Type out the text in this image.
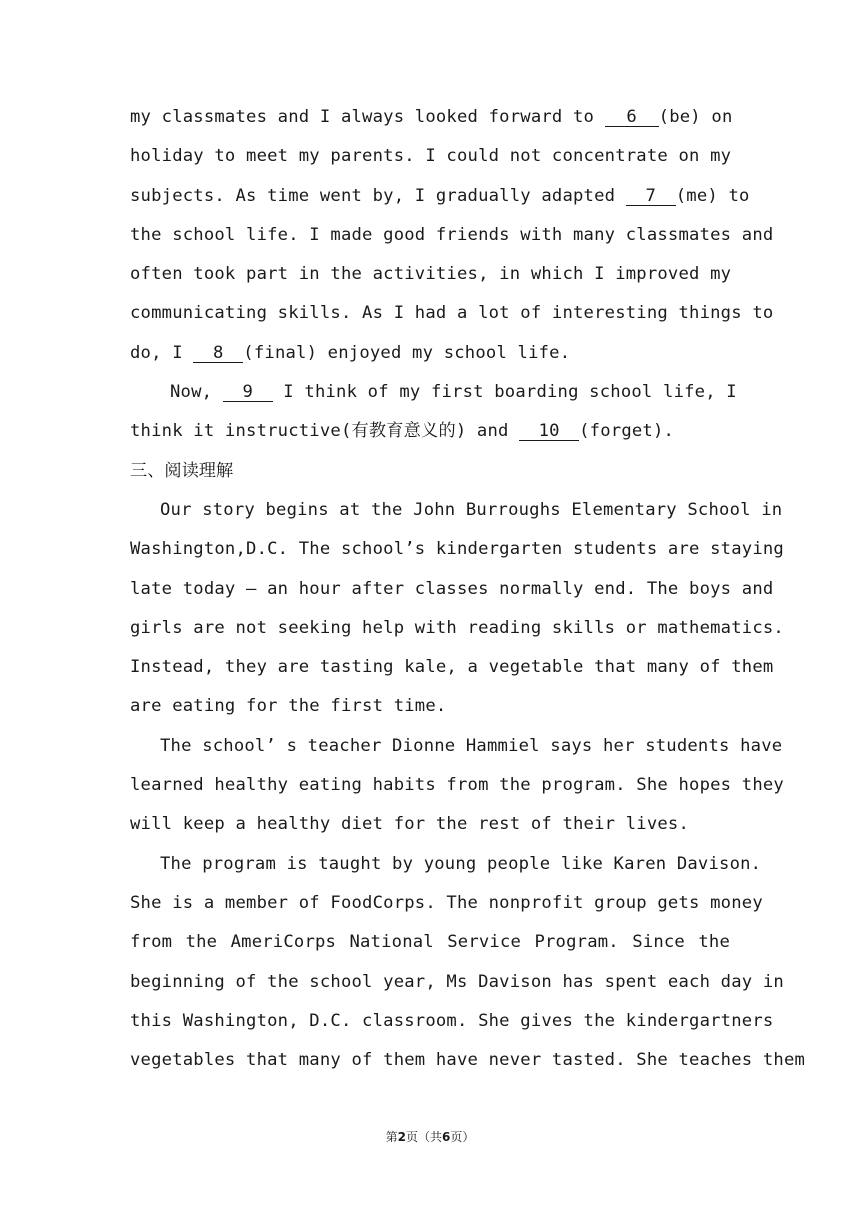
my classmates and I always looked forward to 6 (be) on
holiday to meet my parents. I could not concentrate on my
subjects. As time went by, I gradually adapted 7 (me) to
the school life. I made good friends with many classmates and
often took part in the activities, in which I improved my
communicating skills. As I had a lot of interesting things to
do, I 8 (final) enjoyed my school life.
Now, 9 I think of my first boarding school life, I
think it instructive(有教育意义的) and 10 (forget).
三、阅读理解
Our story begins at the John Burroughs Elementary School in
Washington,D.C. The school’s kindergarten students are staying
late today — an hour after classes normally end. The boys and
girls are not seeking help with reading skills or mathematics.
Instead, they are tasting kale, a vegetable that many of them
are eating for the first time.
The school’ s teacher Dionne Hammiel says her students have
learned healthy eating habits from the program. She hopes they
will keep a healthy diet for the rest of their lives.
The program is taught by young people like Karen Davison.
She is a member of FoodCorps. The nonprofit group gets money
from the AmeriCorps National Service Program. Since the
beginning of the school year, Ms Davison has spent each day in
this Washington, D.C. classroom. She gives the kindergartners
vegetables that many of them have never tasted. She teaches them
第2页（共6页）
